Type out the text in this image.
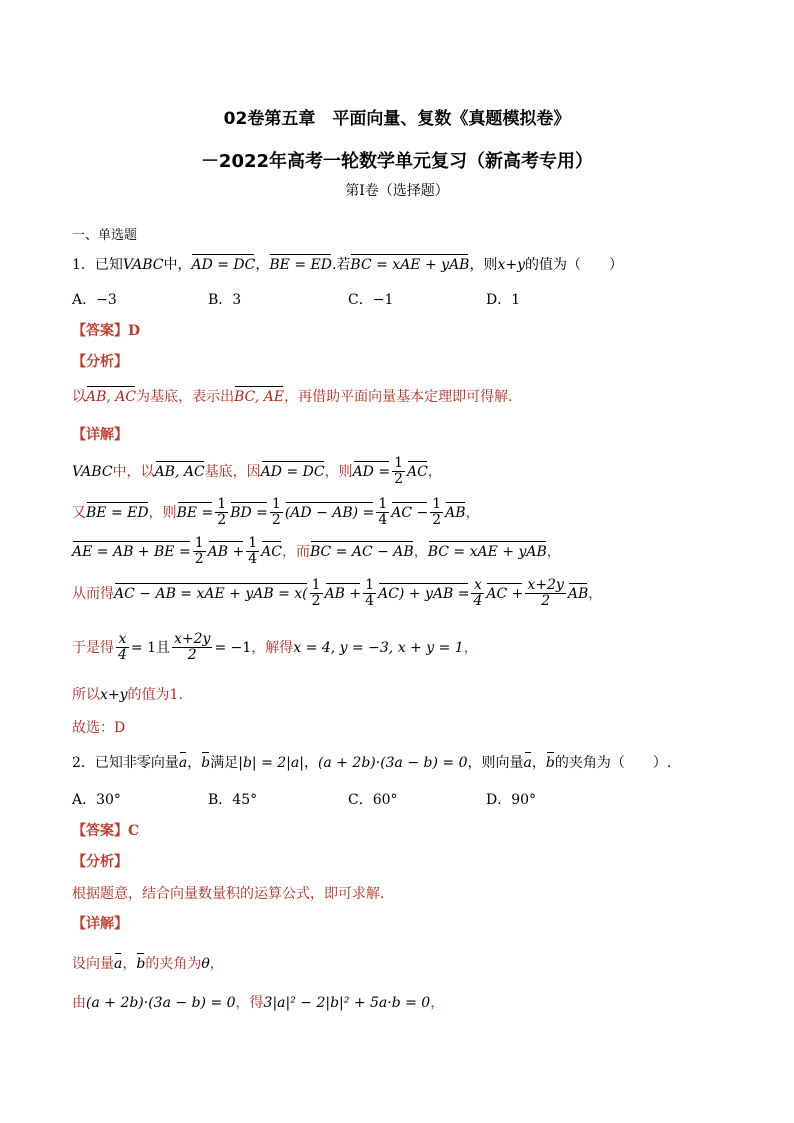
02卷第五章　平面向量、复数《真题模拟卷》
－2022年高考一轮数学单元复习（新高考专用）
第Ⅰ卷（选择题）
一、单选题
1．已知VABC中，AD = DC，BE = ED.若BC = xAE + yAB，则x+y的值为（　　）
A．−3	B．3	C．−1	D．1
【答案】D
【分析】
以AB, AC为基底，表示出BC, AE，再借助平面向量基本定理即可得解.
【详解】
VABC中，以AB, AC基底，因AD = DC，则AD = $\frac{1}{2}$ AC，
又BE = ED，则BE = $\frac{1}{2}$ BD = $\frac{1}{2} (AD - AB) = \frac{1}{4}$ AC − $\frac{1}{2}$ AB，
AE = AB + BE = $\frac{1}{2}$ AB + $\frac{1}{4}$ AC，而BC = AC − AB，BC = xAE + yAB，
从而得AC − AB = xAE + yAB = $x( \frac{1}{2}$ AB + $\frac{1}{4} AC$) + yAB = $\frac{x}{4}$ AC + $\frac{x+2y}{2}$ AB，
于是得 $\frac{x}{4} = 1$且 $\frac{x+2y}{2} = -1$，解得x = 4, y = −3, x + y = 1，
所以x+y的值为1.
故选：D
2．已知非零向量a，b满足|b| = 2|a|，(a + 2b)·(3a − b) = 0，则向量a，b的夹角为（　　）.
A．30°	B．45°	C．60°	D．90°
【答案】C
【分析】
根据题意，结合向量数量积的运算公式，即可求解.
【详解】
设向量a，b的夹角为θ，
由(a + 2b)·(3a − b) = 0，得3|a|² − 2|b|² + 5a·b = 0，
